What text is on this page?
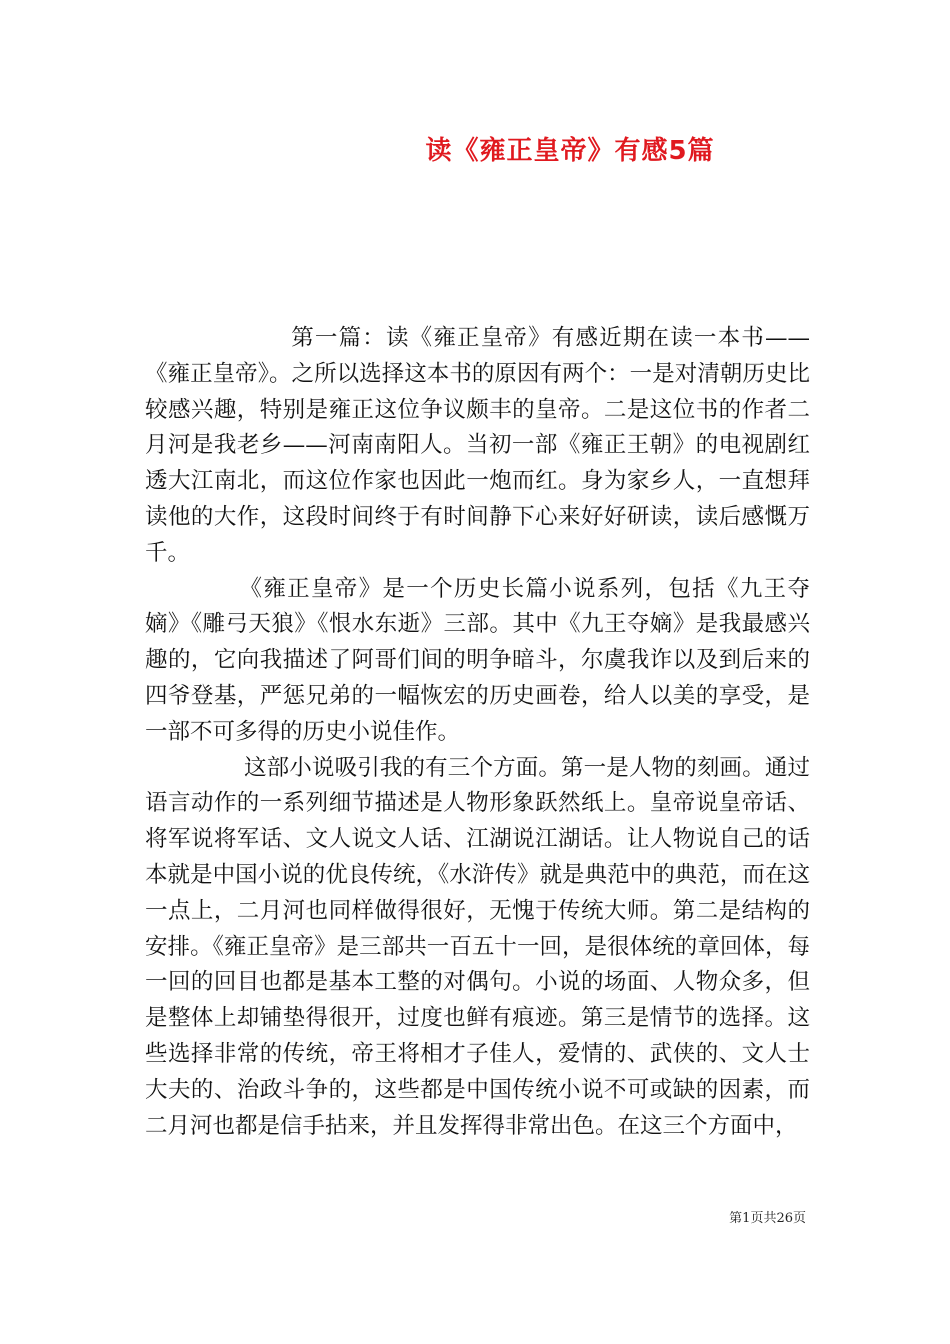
读《雍正皇帝》有感5篇

第一篇：读《雍正皇帝》有感近期在读一本书——《雍正皇帝》。之所以选择这本书的原因有两个：一是对清朝历史比较感兴趣，特别是雍正这位争议颇丰的皇帝。二是这位书的作者二月河是我老乡——河南南阳人。当初一部《雍正王朝》的电视剧红透大江南北，而这位作家也因此一炮而红。身为家乡人，一直想拜读他的大作，这段时间终于有时间静下心来好好研读，读后感慨万千。

《雍正皇帝》是一个历史长篇小说系列，包括《九王夺嫡》《雕弓天狼》《恨水东逝》三部。其中《九王夺嫡》是我最感兴趣的，它向我描述了阿哥们间的明争暗斗，尔虞我诈以及到后来的四爷登基，严惩兄弟的一幅恢宏的历史画卷，给人以美的享受，是一部不可多得的历史小说佳作。

这部小说吸引我的有三个方面。第一是人物的刻画。通过语言动作的一系列细节描述是人物形象跃然纸上。皇帝说皇帝话、将军说将军话、文人说文人话、江湖说江湖话。让人物说自己的话本就是中国小说的优良传统，《水浒传》就是典范中的典范，而在这一点上，二月河也同样做得很好，无愧于传统大师。第二是结构的安排。《雍正皇帝》是三部共一百五十一回，是很体统的章回体，每一回的回目也都是基本工整的对偶句。小说的场面、人物众多，但是整体上却铺垫得很开，过度也鲜有痕迹。第三是情节的选择。这些选择非常的传统，帝王将相才子佳人，爱情的、武侠的、文人士大夫的、治政斗争的，这些都是中国传统小说不可或缺的因素，而二月河也都是信手拈来，并且发挥得非常出色。在这三个方面中，

第1页共26页
